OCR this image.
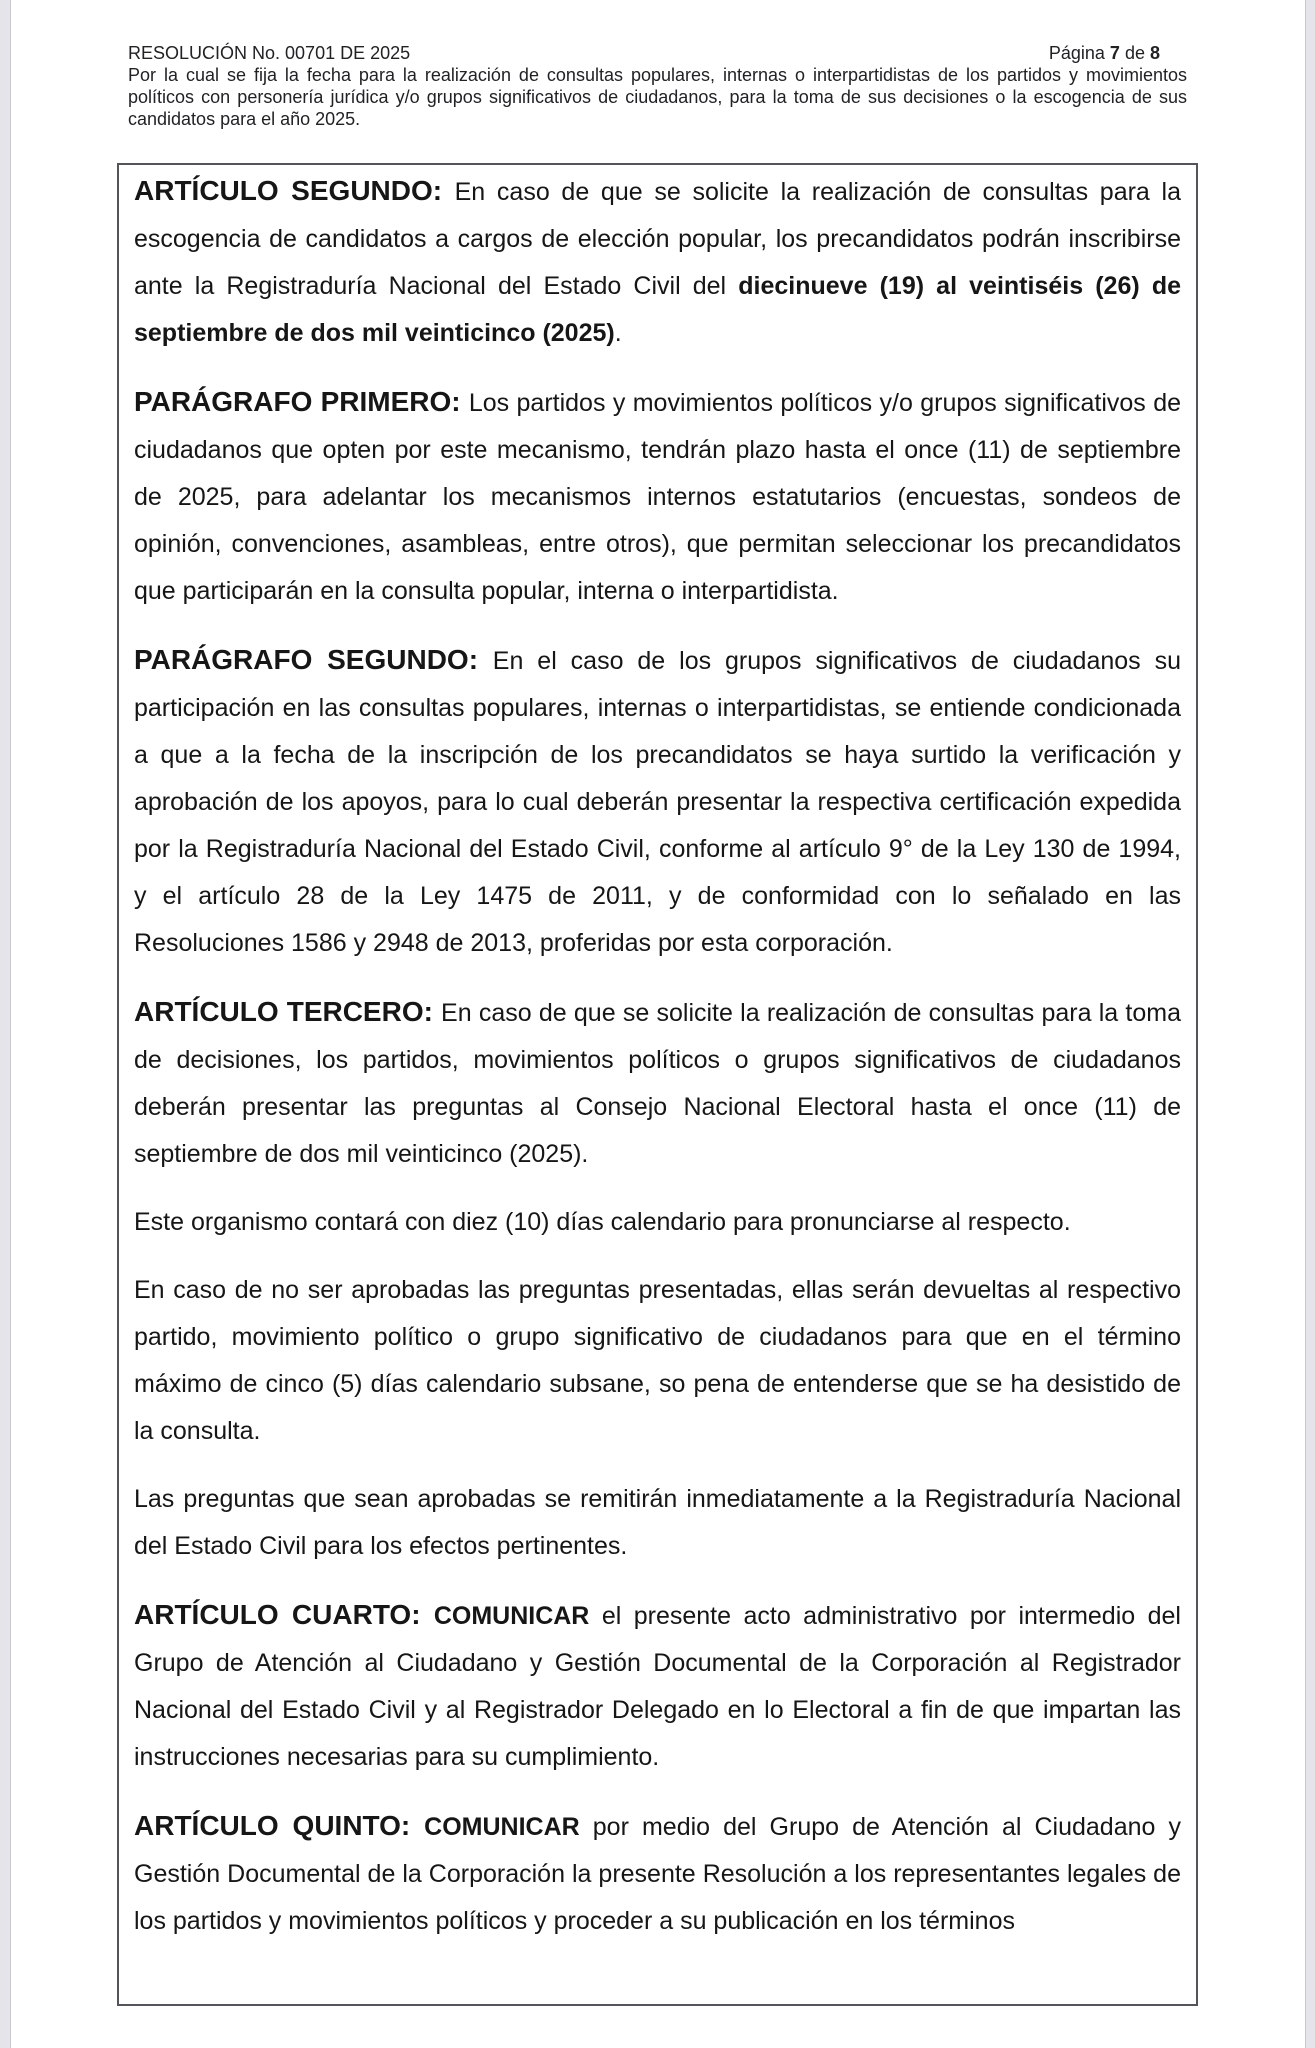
RESOLUCIÓN No. 00701 DE 2025	Página 7 de 8

Por la cual se fija la fecha para la realización de consultas populares, internas o interpartidistas de los partidos y movimientos políticos con personería jurídica y/o grupos significativos de ciudadanos, para la toma de sus decisiones o la escogencia de sus candidatos para el año 2025.

ARTÍCULO SEGUNDO: En caso de que se solicite la realización de consultas para la escogencia de candidatos a cargos de elección popular, los precandidatos podrán inscribirse ante la Registraduría Nacional del Estado Civil del diecinueve (19) al veintiséis (26) de septiembre de dos mil veinticinco (2025).

PARÁGRAFO PRIMERO: Los partidos y movimientos políticos y/o grupos significativos de ciudadanos que opten por este mecanismo, tendrán plazo hasta el once (11) de septiembre de 2025, para adelantar los mecanismos internos estatutarios (encuestas, sondeos de opinión, convenciones, asambleas, entre otros), que permitan seleccionar los precandidatos que participarán en la consulta popular, interna o interpartidista.

PARÁGRAFO SEGUNDO: En el caso de los grupos significativos de ciudadanos su participación en las consultas populares, internas o interpartidistas, se entiende condicionada a que a la fecha de la inscripción de los precandidatos se haya surtido la verificación y aprobación de los apoyos, para lo cual deberán presentar la respectiva certificación expedida por la Registraduría Nacional del Estado Civil, conforme al artículo 9° de la Ley 130 de 1994, y el artículo 28 de la Ley 1475 de 2011, y de conformidad con lo señalado en las Resoluciones 1586 y 2948 de 2013, proferidas por esta corporación.

ARTÍCULO TERCERO: En caso de que se solicite la realización de consultas para la toma de decisiones, los partidos, movimientos políticos o grupos significativos de ciudadanos deberán presentar las preguntas al Consejo Nacional Electoral hasta el once (11) de septiembre de dos mil veinticinco (2025).

Este organismo contará con diez (10) días calendario para pronunciarse al respecto.

En caso de no ser aprobadas las preguntas presentadas, ellas serán devueltas al respectivo partido, movimiento político o grupo significativo de ciudadanos para que en el término máximo de cinco (5) días calendario subsane, so pena de entenderse que se ha desistido de la consulta.

Las preguntas que sean aprobadas se remitirán inmediatamente a la Registraduría Nacional del Estado Civil para los efectos pertinentes.

ARTÍCULO CUARTO: COMUNICAR el presente acto administrativo por intermedio del Grupo de Atención al Ciudadano y Gestión Documental de la Corporación al Registrador Nacional del Estado Civil y al Registrador Delegado en lo Electoral a fin de que impartan las instrucciones necesarias para su cumplimiento.

ARTÍCULO QUINTO: COMUNICAR por medio del Grupo de Atención al Ciudadano y Gestión Documental de la Corporación la presente Resolución a los representantes legales de los partidos y movimientos políticos y proceder a su publicación en los términos
